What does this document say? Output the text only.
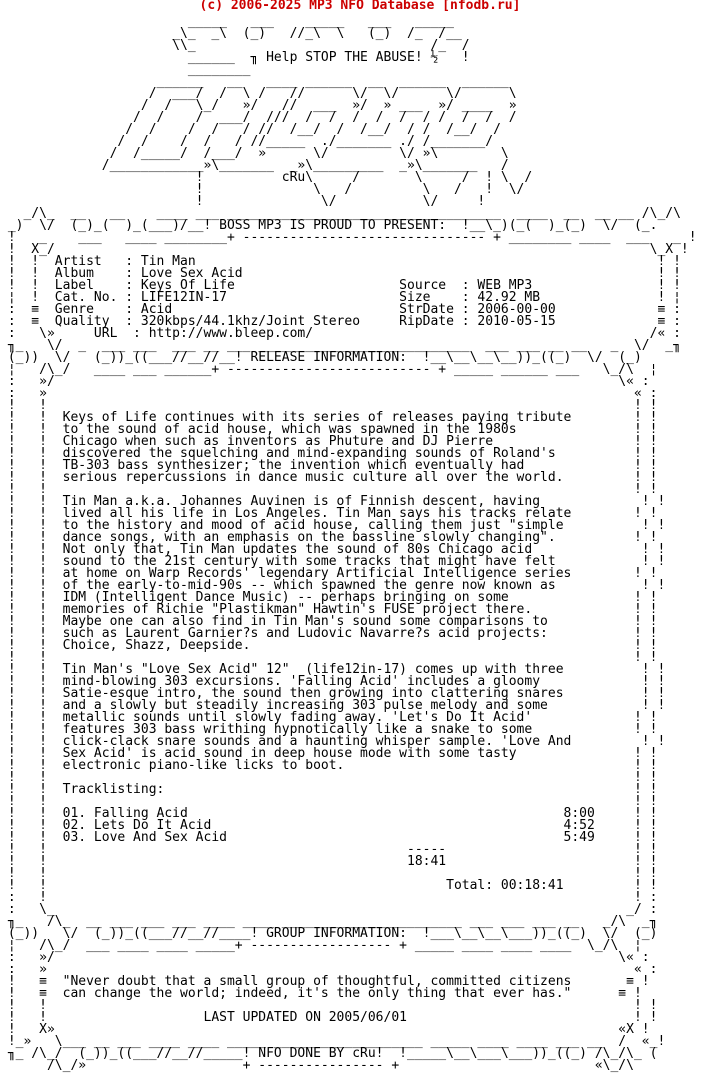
(c) 2006-2025 MP3 NFO Database [nfodb.ru]
_____   ___    _____   ___   _____
_\_  _\  (_)   //_\  \   (_)  /_  /__
\\_                              /_  /
______  ╖ Help STOP THE ABUSE! ½   !
________
______   __   ____ ______  __  ______  ______
/  ___/  /  \ /   //      \/  \/      \/      \
/  /   \_/   »/   //  ___  »/  » ___  »/ ____  »
/  /    /  ___/  ///  /  /  /  /  /  / /  /  /  /
/  /    /  /   / //  /__/  /  /__/  / /  /__/  /
/  /    /  /   / //_____  ./_______ ./ /_______/
/  /_____/  /___/  »      \/         \/ »\        \
/____________»\_______  _»\_________  _»\_______   /
!          cRu\     /       \     /  ! \  /
!              \   /         \   /   !  \/
!               \/           \/     !
_/\_  __   __    ____ ___ ___________________________________  ____  __  __ __ /\_/\
_)  \/  (_)_(  )_(___)/__! BOSS MP3 IS PROUD TO PRESENT:  !__\_)(_(  )_(_)  \/  (_.
!   _    ___   ____ ________+ ------------------------------- + ________ ____  ___   _ !
!  X_/                                                                            \_X !
!  !  Artist   : Tin Man                                                           ! !
!  !  Album    : Love Sex Acid                                                     ! !
!  !  Label    : Keys Of Life                     Source  : WEB MP3                ! !
¦  !  Cat. No. : LIFE12IN-17                      Size    : 42.92 MB               ! ¦
:  ≡  Genre    : Acid                             StrDate : 2006-00-00             ≡ :
:  ≡  Quality  : 320kbps/44.1khz/Joint Stereo     RipDate : 2010-05-15             ≡ :
:   \»     URL  : http://www.bleep.com/                                           /« :
╖_   \/  _  ___ ___  ___ __ ___ ___________________________  ___ ___ __ __   _  \/  _╖
(_))  \/   (_))_((___//__//__! RELEASE INFORMATION:  !__\__\__\__))_((_)  \/  (_)
¦   /\_/   ____ ___ ______+ -------------------------- + _____ ______ ___   \_/\  ¦
:   »/                                                                        \« :
:   »                                                                           « :
!   !                                                                           ! !
!   !  Keys of Life continues with its series of releases paying tribute        ! !
!   !  to the sound of acid house, which was spawned in the 1980s               ! !
!   !  Chicago when such as inventors as Phuture and DJ Pierre                  ! !
!   !  discovered the squelching and mind-expanding sounds of Roland's          ! !
!   !  TB-303 bass synthesizer; the invention which eventually had              ! !
!   !  serious repercussions in dance music culture all over the world.         ! !
!   !                                                                           ! !
!   !  Tin Man a.k.a. Johannes Auvinen is of Finnish descent, having             ! !
!   !  lived all his life in Los Angeles. Tin Man says his tracks relate        ! !
!   !  to the history and mood of acid house, calling them just "simple          ! !
!   !  dance songs, with an emphasis on the bassline slowly changing".          ! !
!   !  Not only that, Tin Man updates the sound of 80s Chicago acid              ! !
!   !  sound to the 21st century with some tracks that might have felt           ! !
!   !  at home on Warp Records' legendary Artificial Intelligence series        ! !
!   !  of the early-to-mid-90s -- which spawned the genre now known as           ! !
!   !  IDM (Intelligent Dance Music) -- perhaps bringing on some                ! !
!   !  memories of Richie "Plastikman" Hawtin's FUSE project there.             ! !
!   !  Maybe one can also find in Tin Man's sound some comparisons to           ! !
!   !  such as Laurent Garnier?s and Ludovic Navarre?s acid projects:           ! !
!   !  Choice, Shazz, Deepside.                                                 ! !
!   !                                                                           ! !
!   !  Tin Man's "Love Sex Acid" 12"  (life12in-17) comes up with three          ! !
!   !  mind-blowing 303 excursions. 'Falling Acid' includes a gloomy             ! !
!   !  Satie-esque intro, the sound then growing into clattering snares          ! !
!   !  and a slowly but steadily increasing 303 pulse melody and some            ! !
!   !  metallic sounds until slowly fading away. 'Let's Do It Acid'             ! !
!   !  features 303 bass writhing hypnotically like a snake to some             ! !
!   !  click-clack snare sounds and a haunting whisper sample. 'Love And         ! !
!   !  Sex Acid' is acid sound in deep house mode with some tasty               ! !
!   !  electronic piano-like licks to boot.                                     ! !
!   !                                                                           ! !
!   !  Tracklisting:                                                            ! !
!   !                                                                           ! !
!   !  01. Falling Acid                                                8:00     ! !
!   !  02. Lets Do It Acid                                             4:52     ! !
!   !  03. Love And Sex Acid                                           5:49     ! !
!   !                                              -----                        ! !
!   !                                              18:41                        ! !
!   !                                                                           ! !
!   !                                                   Total: 00:18:41         ! !
:   !                                                                           ! :
:   \_                                                                         _/ :
╖_   /\_  __ ___ ___ ___ ____ ____ _______________________ ___ ___ ___ __   _/\  _╖
(_))   \/  (_))_((___//__//____! GROUP INFORMATION:  !___\__\__\___))_((_)  \/  (_)
¦   /\_/  ___ ____ ____ _____+ ------------------ + _____ ____ ____ ____  \_/\  ¦
:   »/                                                                        \« :
:   »                                                                           « :
!   ≡  "Never doubt that a small group of thoughtful, committed citizens       ≡ !
!   ≡  can change the world; indeed, it's the only thing that ever has."      ≡ !
!   !                                                                           ! !
!   !                    LAST UPDATED ON 2005/06/01                             ! !
!   X»                                                                        «X !
!_»   \___ __ ___ ____ ____ _____ ___________________ _____ ____ ____ ___ __  /  «_!
╖_ /\_/  (_))_((___//__//_____! NFO DONE BY cRu!  !_____\__\___\___))_((_) /\_/\_ (
/\_/»                    + ---------------- +                         «\_/\
